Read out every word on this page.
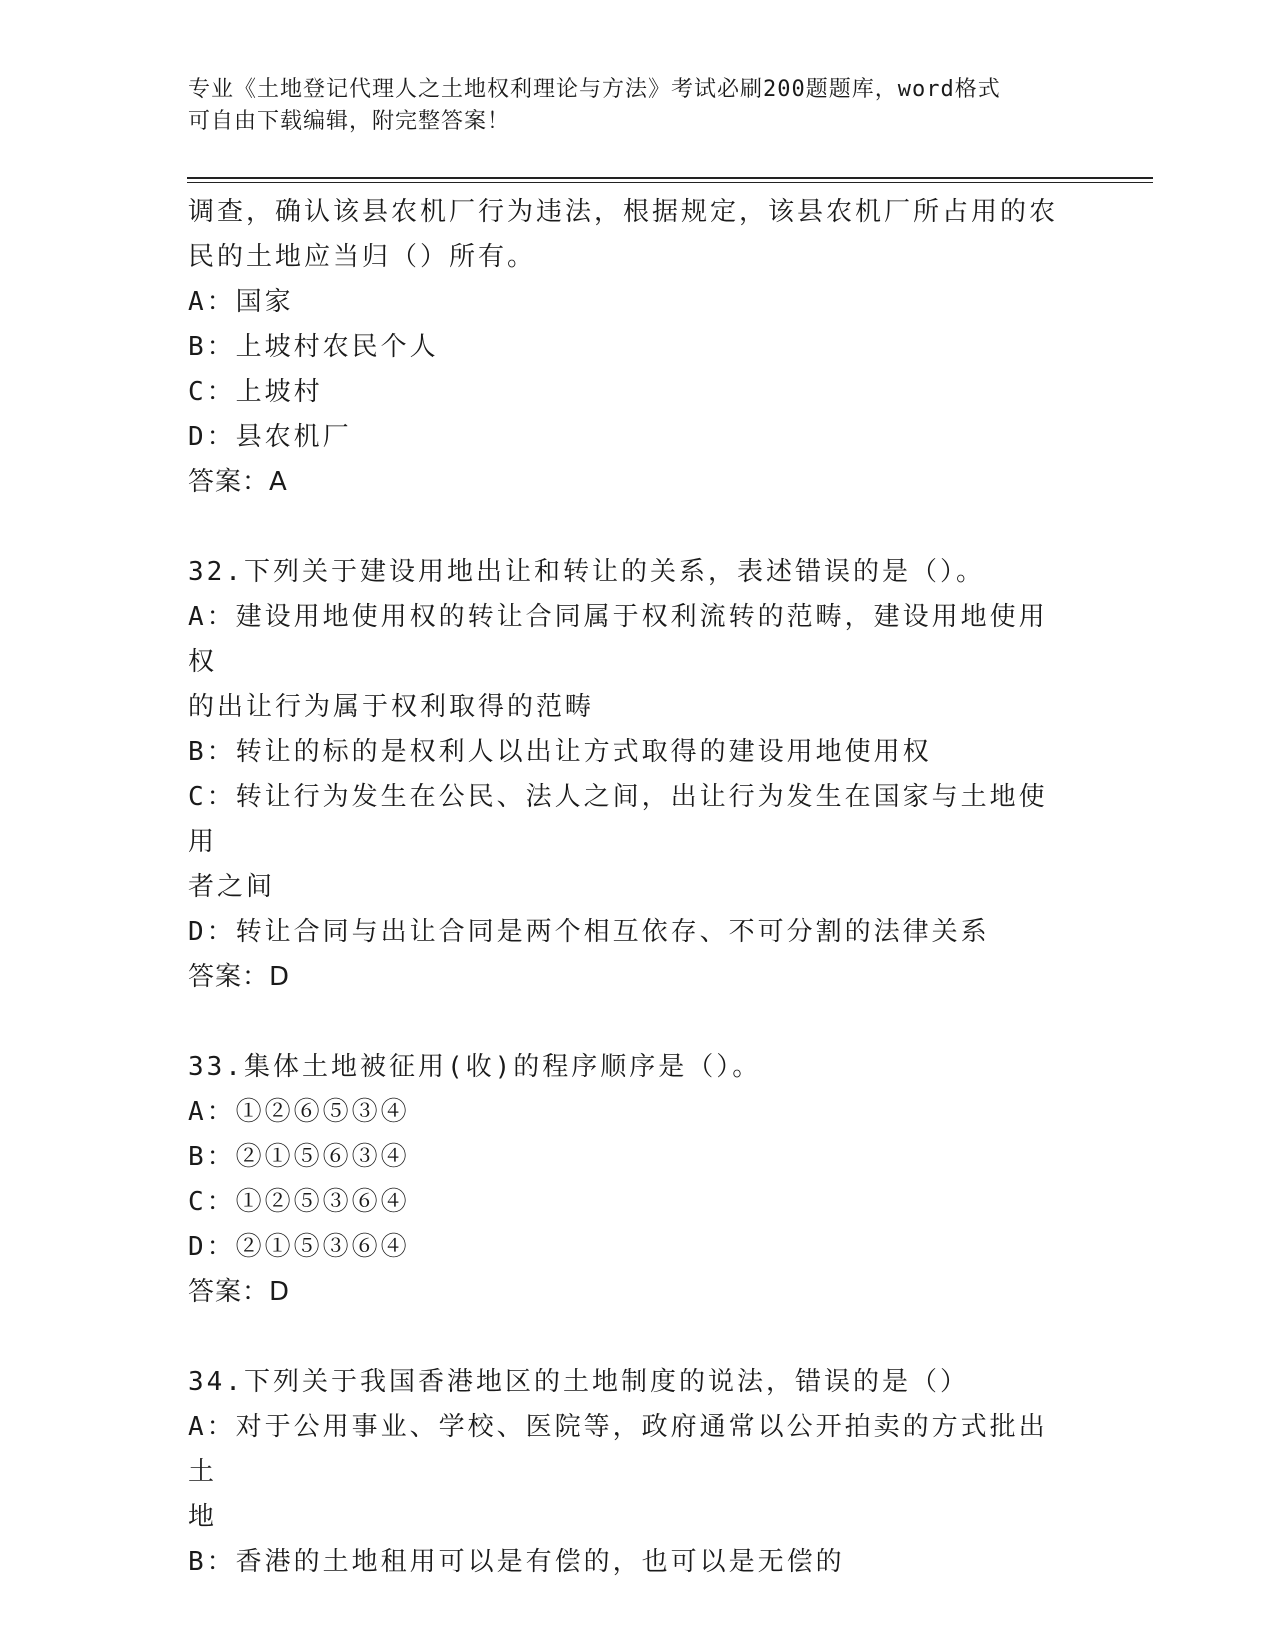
专业《土地登记代理人之土地权利理论与方法》考试必刷200题题库，word格式
可自由下载编辑，附完整答案！
调查，确认该县农机厂行为违法，根据规定，该县农机厂所占用的农
民的土地应当归（）所有。
A：国家
B：上坡村农民个人
C：上坡村
D：县农机厂
答案：A
32.下列关于建设用地出让和转让的关系，表述错误的是（）。
A：建设用地使用权的转让合同属于权利流转的范畴，建设用地使用权
的出让行为属于权利取得的范畴
B：转让的标的是权利人以出让方式取得的建设用地使用权
C：转让行为发生在公民、法人之间，出让行为发生在国家与土地使用
者之间
D：转让合同与出让合同是两个相互依存、不可分割的法律关系
答案：D
33.集体土地被征用(收)的程序顺序是（）。
A：①②⑥⑤③④
B：②①⑤⑥③④
C：①②⑤③⑥④
D：②①⑤③⑥④
答案：D
34.下列关于我国香港地区的土地制度的说法，错误的是（）
A：对于公用事业、学校、医院等，政府通常以公开拍卖的方式批出土
地
B：香港的土地租用可以是有偿的，也可以是无偿的
